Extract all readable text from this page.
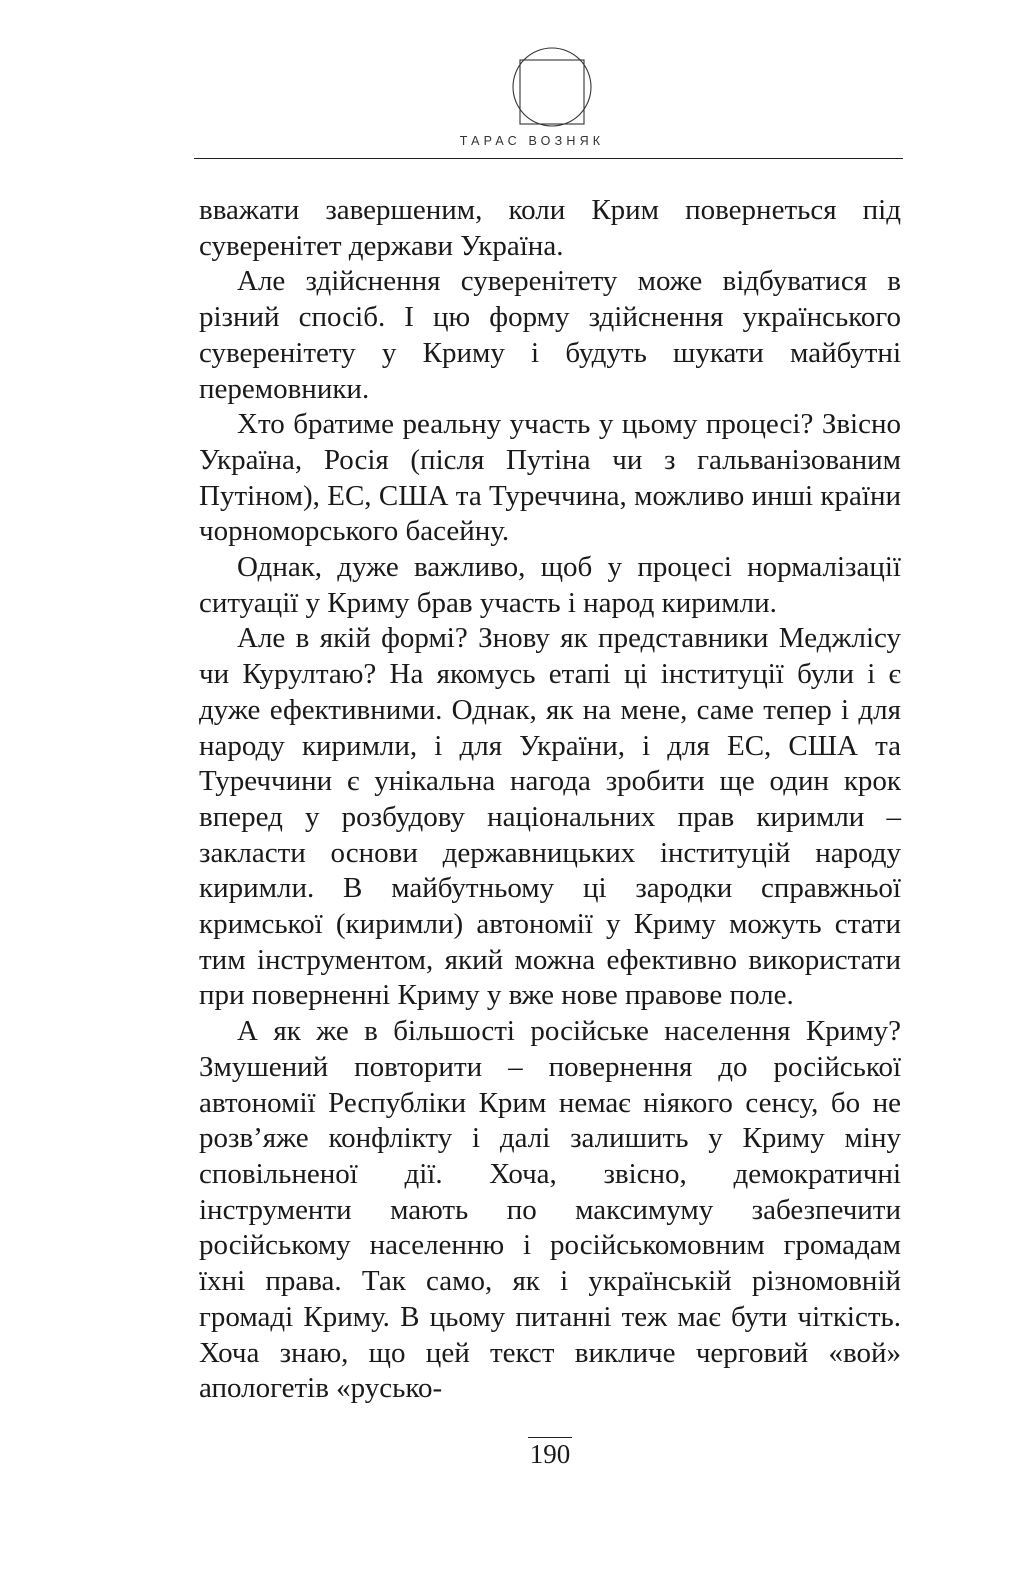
ТАРАС ВОЗНЯК

вважати завершеним, коли Крим повернеться під суверенітет держави Україна.

Але здійснення суверенітету може відбуватися в різний спосіб. І цю форму здійснення українського суверенітету у Криму і будуть шукати майбутні перемовники.

Хто братиме реальну участь у цьому процесі? Звісно Україна, Росія (після Путіна чи з гальванізованим Путіном), ЕС, США та Туреччина, можливо инші країни чорноморського басейну.

Однак, дуже важливо, щоб у процесі нормалізації ситуації у Криму брав участь і народ киримли.

Але в якій формі? Знову як представники Меджлісу чи Курултаю? На якомусь етапі ці інституції були і є дуже ефективними. Однак, як на мене, саме тепер і для народу киримли, і для України, і для ЕС, США та Туреччини є унікальна нагода зробити ще один крок вперед у розбудову національних прав киримли – закласти основи державницьких інституцій народу киримли. В майбутньому ці зародки справжньої кримської (киримли) автономії у Криму можуть стати тим інструментом, який можна ефективно використати при поверненні Криму у вже нове правове поле.

А як же в більшості російське населення Криму? Змушений повторити – повернення до російської автономії Республіки Крим немає ніякого сенсу, бо не розв’яже конфлікту і далі залишить у Криму міну сповільненої дії. Хоча, звісно, демократичні інструменти мають по максимуму забезпечити російському населенню і російськомовним громадам їхні права. Так само, як і українській різномовній громаді Криму. В цьому питанні теж має бути чіткість. Хоча знаю, що цей текст викличе черговий «вой» апологетів «русько-

190
